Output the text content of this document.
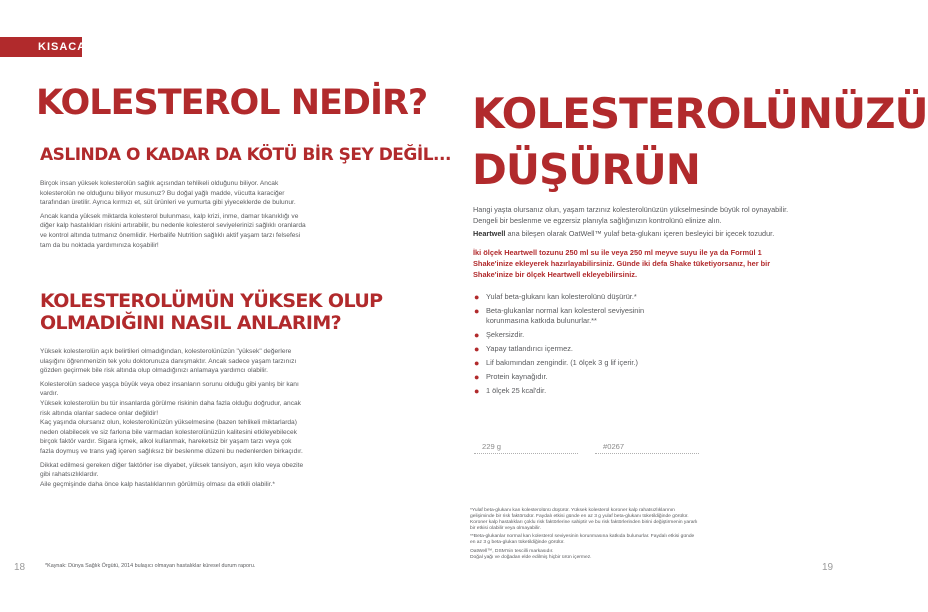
KISACA
KOLESTEROL NEDİR?
ASLINDA O KADAR DA KÖTÜ BİR ŞEY DEĞİL...

Birçok insan yüksek kolesterolün sağlık açısından tehlikeli olduğunu biliyor. Ancak kolesterolün ne olduğunu biliyor musunuz? Bu doğal yağlı madde, vücutta karaciğer tarafından üretilir. Ayrıca kırmızı et, süt ürünleri ve yumurta gibi yiyeceklerde de bulunur.

Ancak kanda yüksek miktarda kolesterol bulunması, kalp krizi, inme, damar tıkanıklığı ve diğer kalp hastalıkları riskini artırabilir, bu nedenle kolesterol seviyelerinizi sağlıklı oranlarda ve kontrol altında tutmanız önemlidir. Herbalife Nutrition sağlıklı aktif yaşam tarzı felsefesi tam da bu noktada yardımınıza koşabilir!

KOLESTEROLÜMÜN YÜKSEK OLUP
OLMADIĞINI NASIL ANLARIM?

Yüksek kolesterolün açık belirtileri olmadığından, kolesterolünüzün "yüksek" değerlere ulaşığını öğrenmenizin tek yolu doktorunuza danışmaktır. Ancak sadece yaşam tarzınızı gözden geçirmek bile risk altında olup olmadığınızı anlamaya yardımcı olabilir.

Kolesterolün sadece yaşça büyük veya obez insanların sorunu olduğu gibi yanlış bir kanı vardır.
Yüksek kolesterolün bu tür insanlarda görülme riskinin daha fazla olduğu doğrudur, ancak risk altında olanlar sadece onlar değildir!
Kaç yaşında olursanız olun, kolesterolünüzün yükselmesine (bazen tehlikeli miktarlarda) neden olabilecek ve siz farkına bile varmadan kolesterolünüzün kalitesini etkileyebilecek birçok faktör vardır. Sigara içmek, alkol kullanmak, hareketsiz bir yaşam tarzı veya çok fazla doymuş ve trans yağ içeren sağlıksız bir beslenme düzeni bu nedenlerden birkaçıdır.

Dikkat edilmesi gereken diğer faktörler ise diyabet, yüksek tansiyon, aşırı kilo veya obezite gibi rahatsızlıklardır.
Aile geçmişinde daha önce kalp hastalıklarının görülmüş olması da etkili olabilir.*

18	*Kaynak: Dünya Sağlık Örgütü, 2014 bulaşıcı olmayan hastalıklar küresel durum raporu.
KOLESTEROLÜNÜZÜ
DÜŞÜRÜN

Hangi yaşta olursanız olun, yaşam tarzınız kolesterolünüzün yükselmesinde büyük rol oynayabilir. Dengeli bir beslenme ve egzersiz planıyla sağlığınızın kontrolünü elinize alın.

Heartwell ana bileşen olarak OatWell™ yulaf beta-glukanı içeren besleyici bir içecek tozudur.

İki ölçek Heartwell tozunu 250 ml su ile veya 250 ml meyve suyu ile ya da Formül 1 Shake'inize ekleyerek hazırlayabilirsiniz. Günde iki defa Shake tüketiyorsanız, her bir Shake'inize bir ölçek Heartwell ekleyebilirsiniz.
● Yulaf beta-glukanı kan kolesterolünü düşürür.*
● Beta-glukanlar normal kan kolesterol seviyesinin korunmasına katkıda bulunurlar.**
● Şekersizdir.
● Yapay tatlandırıcı içermez.
● Lif bakımından zengindir. (1 ölçek 3 g lif içerir.)
● Protein kaynağıdır.
● 1 ölçek 25 kcal'dir.
229 g	#0267

*Yulaf beta-glukanı kan kolesterolünü düşürür. Yüksek kolesterol koroner kalp rahatsızlıklarının gelişiminde bir risk faktörüdür. Faydalı etkisi günde en az 3 g yulaf beta-glukanı tüketildiğinde görülür. Koroner kalp hastalıkları çoklu risk faktörlerine sahiptir ve bu risk faktörlerinden birini değiştirmenin yararlı bir etkisi olabilir veya olmayabilir.

**Beta-glukanlar normal kan kolesterol seviyesinin korunmasına katkıda bulunurlar. Faydalı etkisi günde en az 3 g beta-glukan tüketildiğinde görülür.

OatWell™, DSM'nin tescilli markasıdır.

Doğal yağı ve doğadan elde edilmiş hiçbir ürün içermez.

19
